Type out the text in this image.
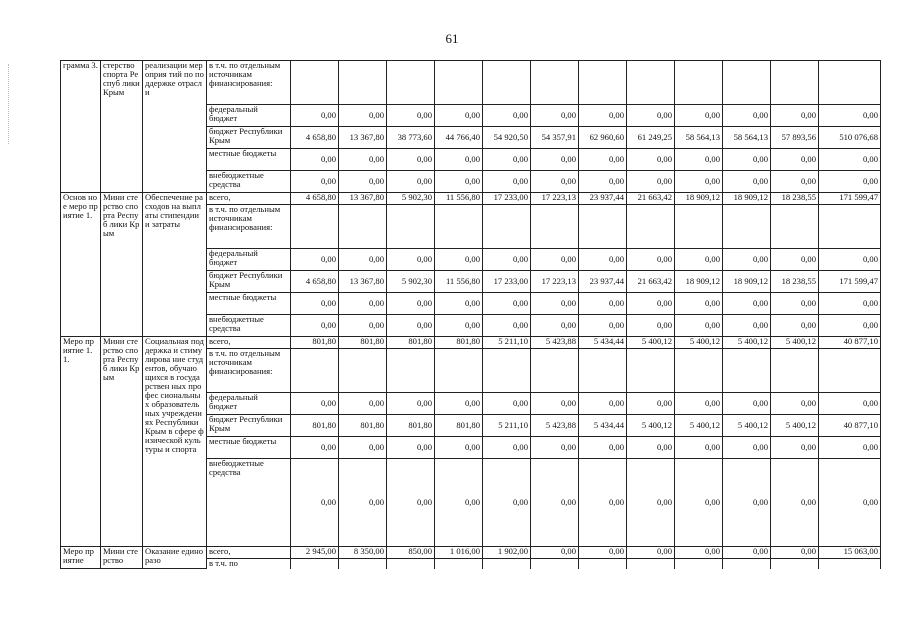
61
грамма 3.	стерство спорта Респуб лики Крым	реализации мероприя тий по поддержке отрасли	в т.ч. по отдельным источникам финансирования:												
			федеральный бюджет	0,00	0,00	0,00	0,00	0,00	0,00	0,00	0,00	0,00	0,00	0,00	0,00
			бюджет Республики Крым	4 658,80	13 367,80	38 773,60	44 766,40	54 920,50	54 357,91	62 960,60	61 249,25	58 564,13	58 564,13	57 893,56	510 076,68
			местные бюджеты	0,00	0,00	0,00	0,00	0,00	0,00	0,00	0,00	0,00	0,00	0,00	0,00
			внебюджетные средства	0,00	0,00	0,00	0,00	0,00	0,00	0,00	0,00	0,00	0,00	0,00	0,00
Основ ное меро приятие 1.	Мини стерство спорта Респуб лики Крым	Обеспечение расходов на выплаты стипендии и затраты	всего,	4 658,80	13 367,80	5 902,30	11 556,80	17 233,00	17 223,13	23 937,44	21 663,42	18 909,12	18 909,12	18 238,55	171 599,47
			в т.ч. по отдельным источникам финансирования:												
			федеральный бюджет	0,00	0,00	0,00	0,00	0,00	0,00	0,00	0,00	0,00	0,00	0,00	0,00
			бюджет Республики Крым	4 658,80	13 367,80	5 902,30	11 556,80	17 233,00	17 223,13	23 937,44	21 663,42	18 909,12	18 909,12	18 238,55	171 599,47
			местные бюджеты	0,00	0,00	0,00	0,00	0,00	0,00	0,00	0,00	0,00	0,00	0,00	0,00
			внебюджетные средства	0,00	0,00	0,00	0,00	0,00	0,00	0,00	0,00	0,00	0,00	0,00	0,00
Меро приятие 1.1.	Мини стерство спорта Респуб лики Крым	Социальная поддержка и стимулирова ние студентов, обучаю щихся в государствен ных профес сиональных образователь ных учреждениях Республики Крым в сфере физической культуры и спорта	всего,	801,80	801,80	801,80	801,80	5 211,10	5 423,88	5 434,44	5 400,12	5 400,12	5 400,12	5 400,12	40 877,10
			в т.ч. по отдельным источникам финансирования:												
			федеральный бюджет	0,00	0,00	0,00	0,00	0,00	0,00	0,00	0,00	0,00	0,00	0,00	0,00
			бюджет Республики Крым	801,80	801,80	801,80	801,80	5 211,10	5 423,88	5 434,44	5 400,12	5 400,12	5 400,12	5 400,12	40 877,10
			местные бюджеты	0,00	0,00	0,00	0,00	0,00	0,00	0,00	0,00	0,00	0,00	0,00	0,00
			внебюджетные средства	0,00	0,00	0,00	0,00	0,00	0,00	0,00	0,00	0,00	0,00	0,00	0,00
Меро приятие	Мини стерство	Оказание единоразо	всего,	2 945,00	8 350,00	850,00	1 016,00	1 902,00	0,00	0,00	0,00	0,00	0,00	0,00	15 063,00
			в т.ч. по												
